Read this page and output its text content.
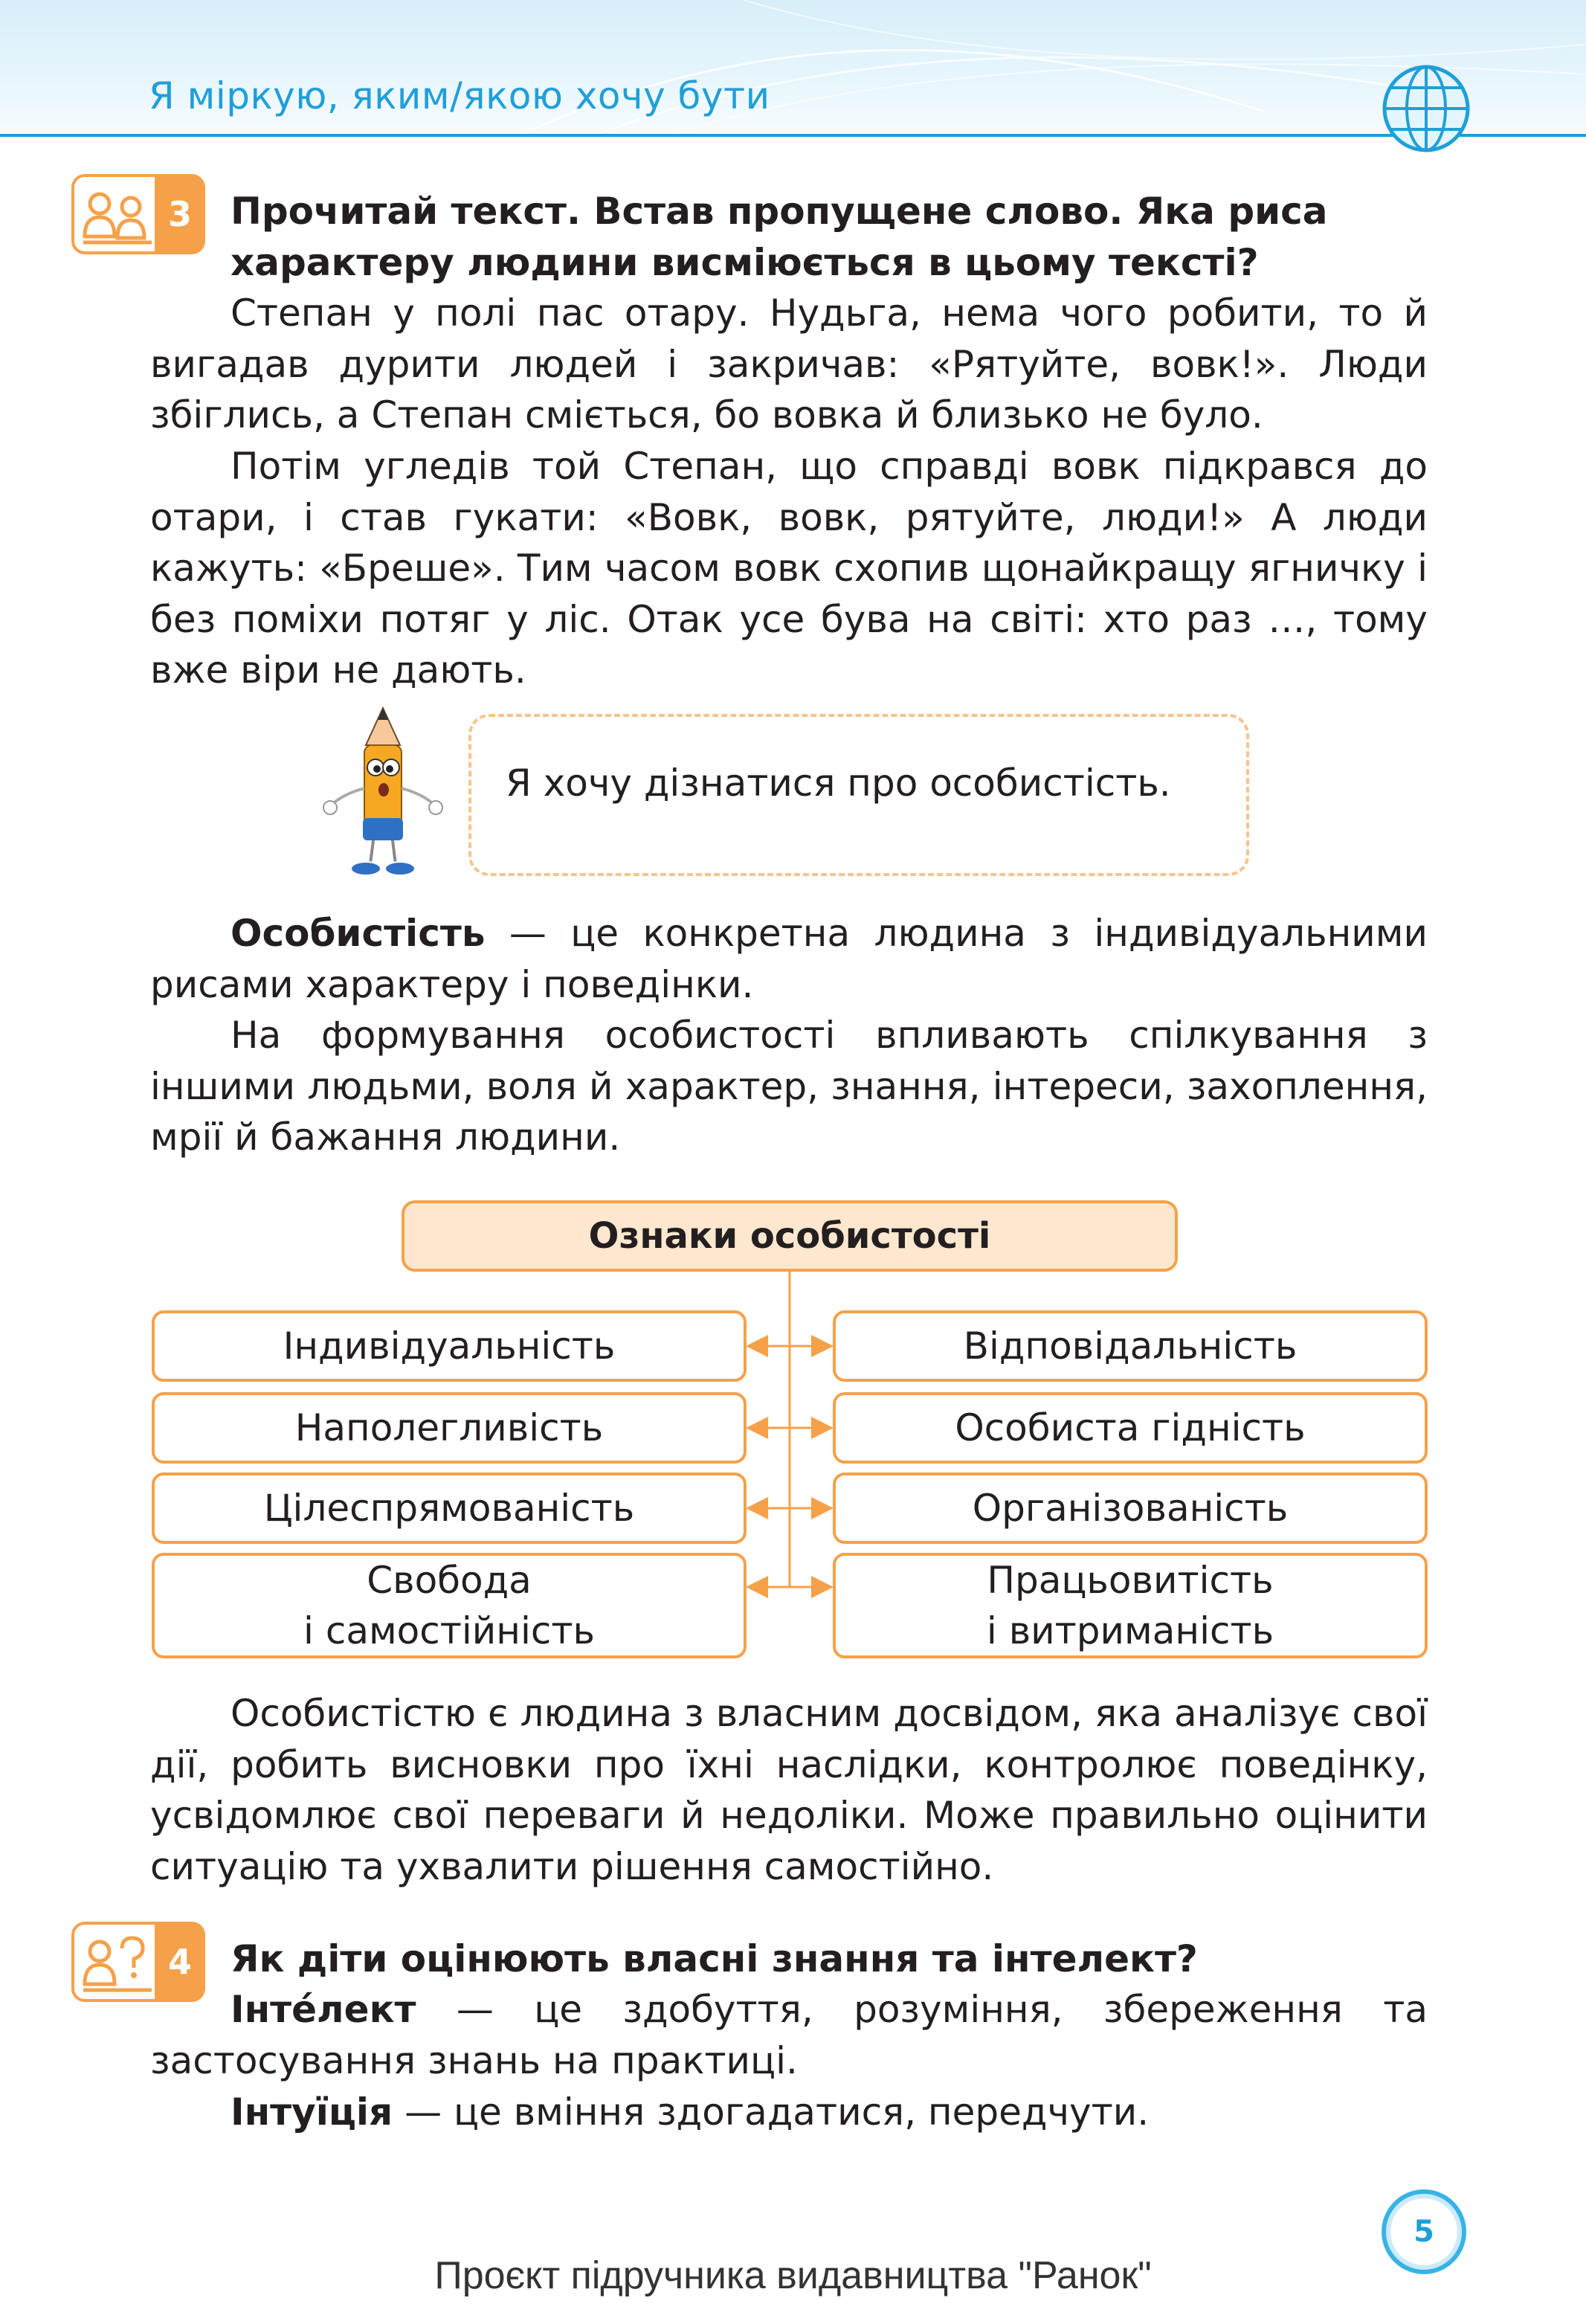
Я міркую, яким/якою хочу бути
3	Прочитай текст. Встав пропущене слово. Яка риса характеру людини висміюється в цьому тексті?

Степан у полі пас отару. Нудьга, нема чого робити, то й вигадав дурити людей і закричав: «Рятуйте, вовк!». Люди збіглись, а Степан сміється, бо вовка й близько не було.

Потім угледів той Степан, що справді вовк підкрався до отари, і став гукати: «Вовк, вовк, рятуйте, люди!» А люди кажуть: «Бреше». Тим часом вовк схопив щонайкращу ягничку і без поміхи потяг у ліс. Отак усе бува на світі: хто раз …, тому вже віри не дають.

Я хочу дізнатися про особистість.

Особистість — це конкретна людина з індивідуальними рисами характеру і поведінки.

На формування особистості впливають спілкування з іншими людьми, воля й характер, знання, інтереси, захоплення, мрії й бажання людини.

Ознаки особистості
Індивідуальність
Наполегливість
Цілеспрямованість
Свобода
і самостійність
Відповідальність
Особиста гідність
Організованість
Працьовитість
і витриманість

Особистістю є людина з власним досвідом, яка аналізує свої дії, робить висновки про їхні наслідки, контролює поведінку, усвідомлює свої переваги й недоліки. Може правильно оцінити ситуацію та ухвалити рішення самостійно.

4	Як діти оцінюють власні знання та інтелект?

Інте́лект — це здобуття, розуміння, збереження та застосування знань на практиці.

Інтуїція — це вміння здогадатися, передчути.

5
Проєкт підручника видавництва "Ранок"
